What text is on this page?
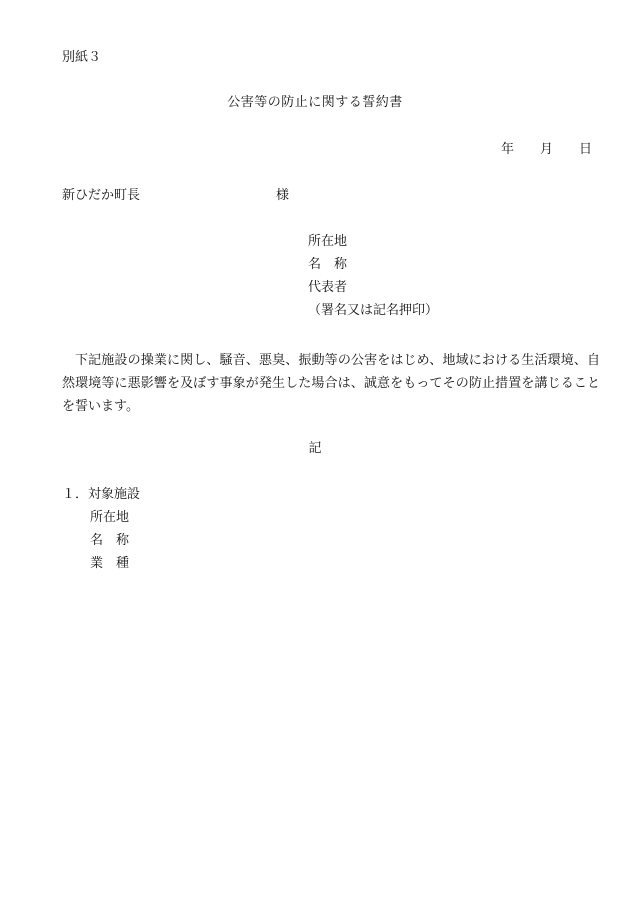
別紙３
公害等の防止に関する誓約書
年 月 日
新ひだか町長	様
所在地
名　称
代表者
（署名又は記名押印）
下記施設の操業に関し、騒音、悪臭、振動等の公害をはじめ、地域における生活環境、自然環境等に悪影響を及ぼす事象が発生した場合は、誠意をもってその防止措置を講じることを誓います。
記
１．対象施設
所在地
名　称
業　種
